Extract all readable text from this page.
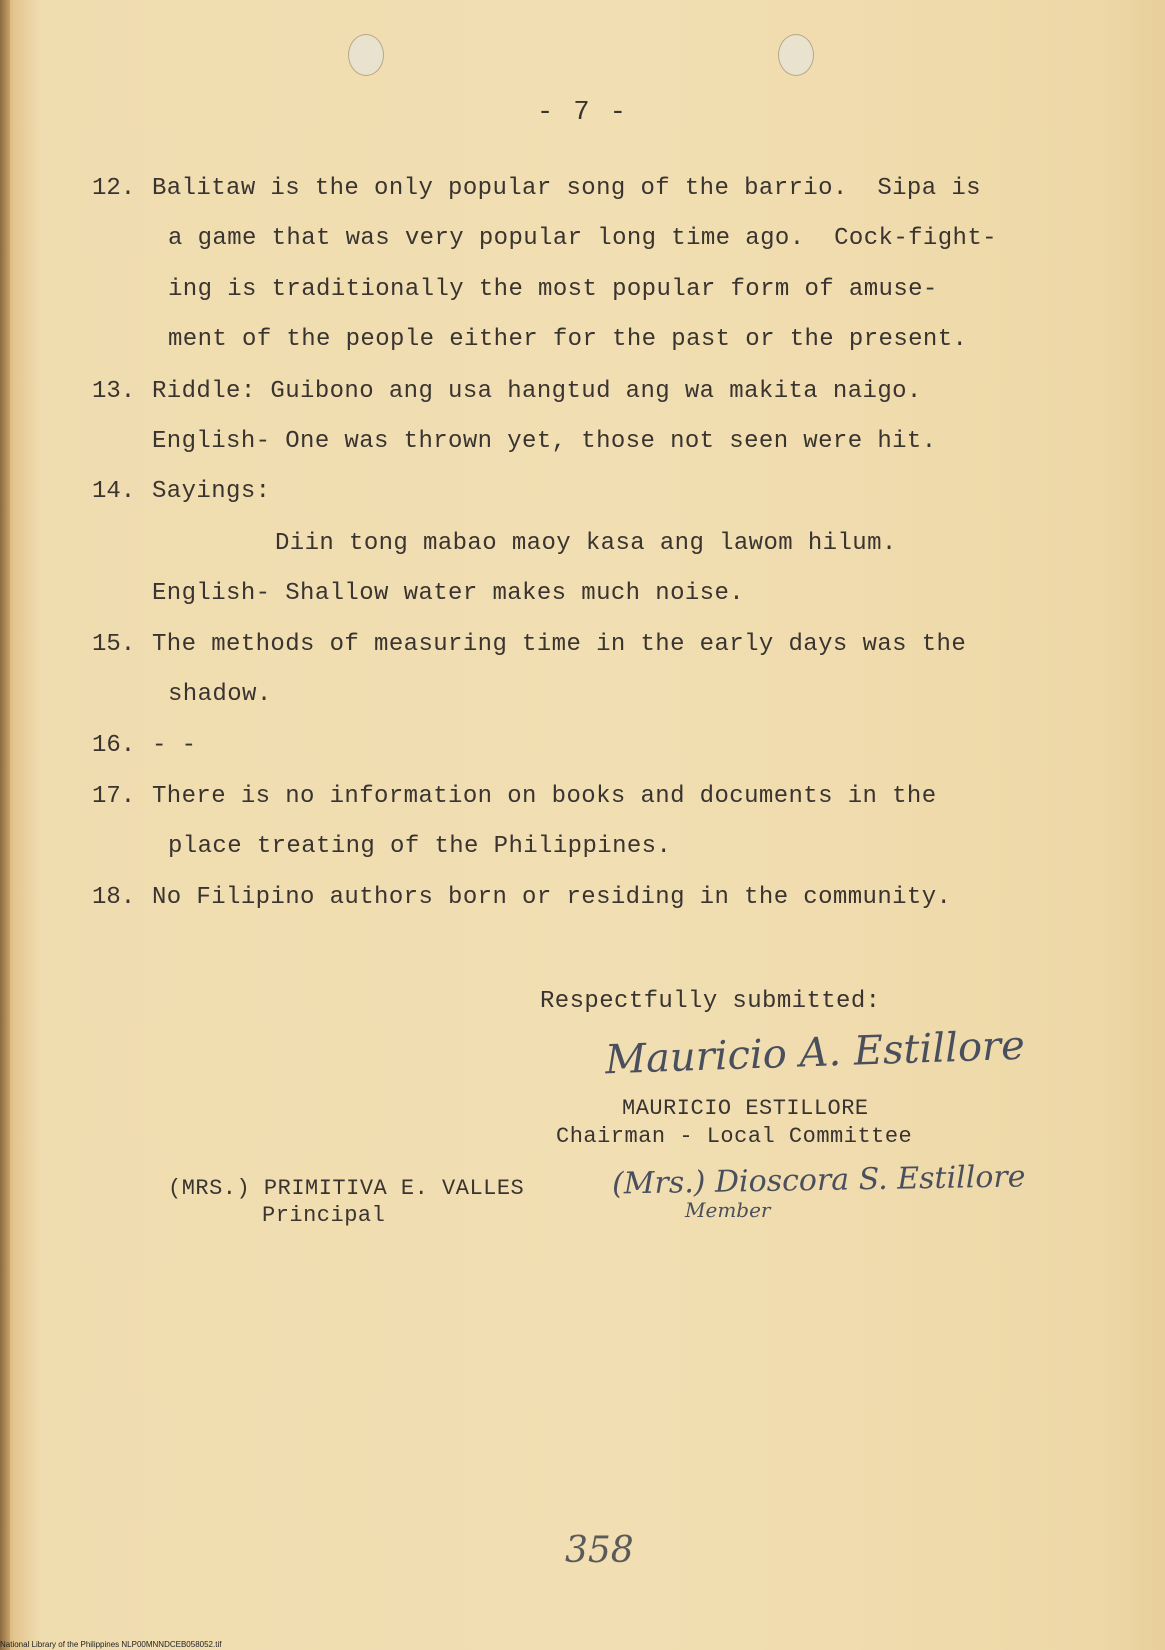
- 7 -
12. Balitaw is the only popular song of the barrio.  Sipa is
a game that was very popular long time ago.  Cock-fight-
ing is traditionally the most popular form of amuse-
ment of the people either for the past or the present.
13. Riddle: Guibono ang usa hangtud ang wa makita naigo.
English- One was thrown yet, those not seen were hit.
14. Sayings:
Diin tong mabao maoy kasa ang lawom hilum.
English- Shallow water makes much noise.
15. The methods of measuring time in the early days was the
shadow.
16. - -
17. There is no information on books and documents in the
place treating of the Philippines.
18. No Filipino authors born or residing in the community.
Respectfully submitted:
Mauricio A. Estillore
MAURICIO ESTILLORE
Chairman - Local Committee
(MRS.) PRIMITIVA E. VALLES
Principal
(Mrs.) Dioscora S. Estillore
Member
358
National Library of the Philippines NLP00MNNDCEB058052.tif
